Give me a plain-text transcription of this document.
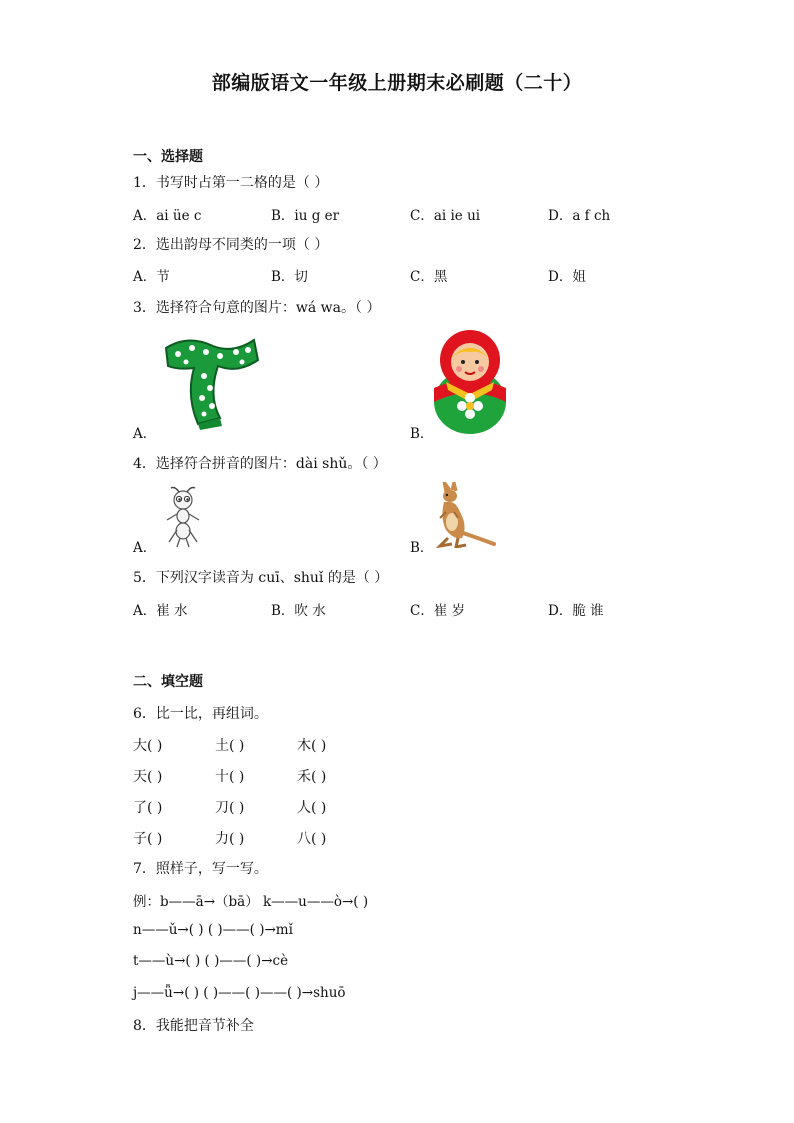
部编版语文一年级上册期末必刷题（二十）
一、选择题
1．书写时占第一二格的是（ ）
A．ai üe c	B．iu g er	C．ai ie ui	D．a f ch
2．选出韵母不同类的一项（ ）
A．节	B．切	C．黑	D．姐
3．选择符合句意的图片：wá wa。（ ）
A．	B．
4．选择符合拼音的图片：dài shǔ。（ ）
A．	B．
5．下列汉字读音为 cuī、shuǐ 的是（ ）
A．崔 水	B．吹 水	C．崔 岁	D．脆 谁
二、填空题
6．比一比，再组词。
大( )	土( )	木( )
天( )	十( )	禾( )
了( )	刀( )	人( )
子( )	力( )	八( )
7．照样子，写一写。
例：b——ā→（bā） k——u——ò→( )
n——ǔ→( ) ( )——( )→mǐ
t——ù→( ) ( )——( )→cè
j——ǖ→( ) ( )——( )——( )→shuō
8．我能把音节补全
